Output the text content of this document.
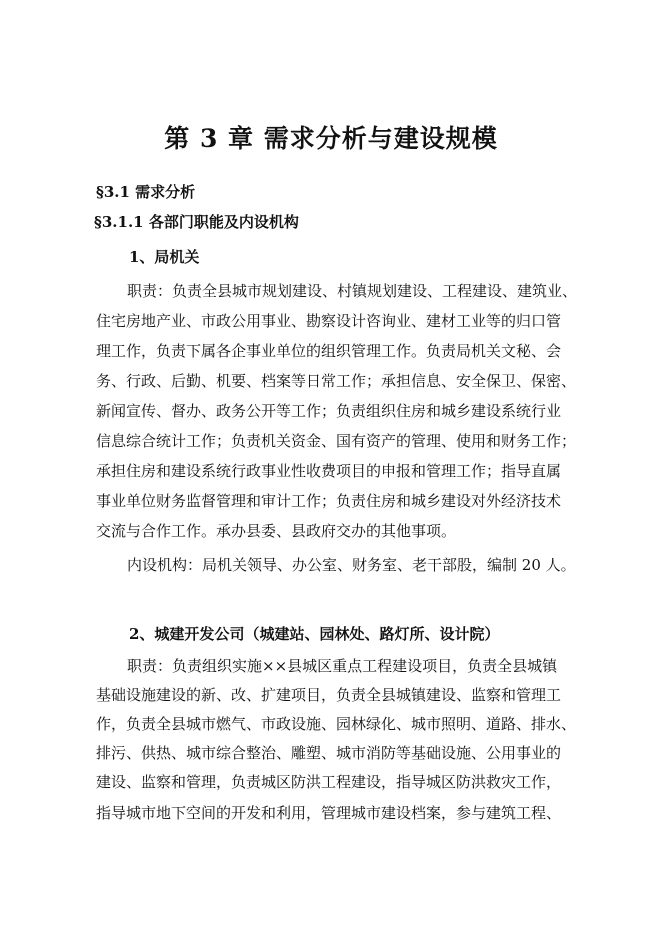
第 3 章 需求分析与建设规模
§3.1 需求分析
§3.1.1 各部门职能及内设机构
1、局机关
职责：负责全县城市规划建设、村镇规划建设、工程建设、建筑业、
住宅房地产业、市政公用事业、勘察设计咨询业、建材工业等的归口管
理工作，负责下属各企事业单位的组织管理工作。负责局机关文秘、会
务、行政、后勤、机要、档案等日常工作；承担信息、安全保卫、保密、
新闻宣传、督办、政务公开等工作；负责组织住房和城乡建设系统行业
信息综合统计工作；负责机关资金、国有资产的管理、使用和财务工作；
承担住房和建设系统行政事业性收费项目的申报和管理工作；指导直属
事业单位财务监督管理和审计工作；负责住房和城乡建设对外经济技术
交流与合作工作。承办县委、县政府交办的其他事项。
内设机构：局机关领导、办公室、财务室、老干部股，编制 20 人。
2、城建开发公司（城建站、园林处、路灯所、设计院）
职责：负责组织实施××县城区重点工程建设项目，负责全县城镇
基础设施建设的新、改、扩建项目，负责全县城镇建设、监察和管理工
作，负责全县城市燃气、市政设施、园林绿化、城市照明、道路、排水、
排污、供热、城市综合整治、雕塑、城市消防等基础设施、公用事业的
建设、监察和管理，负责城区防洪工程建设，指导城区防洪救灾工作，
指导城市地下空间的开发和利用，管理城市建设档案，参与建筑工程、
